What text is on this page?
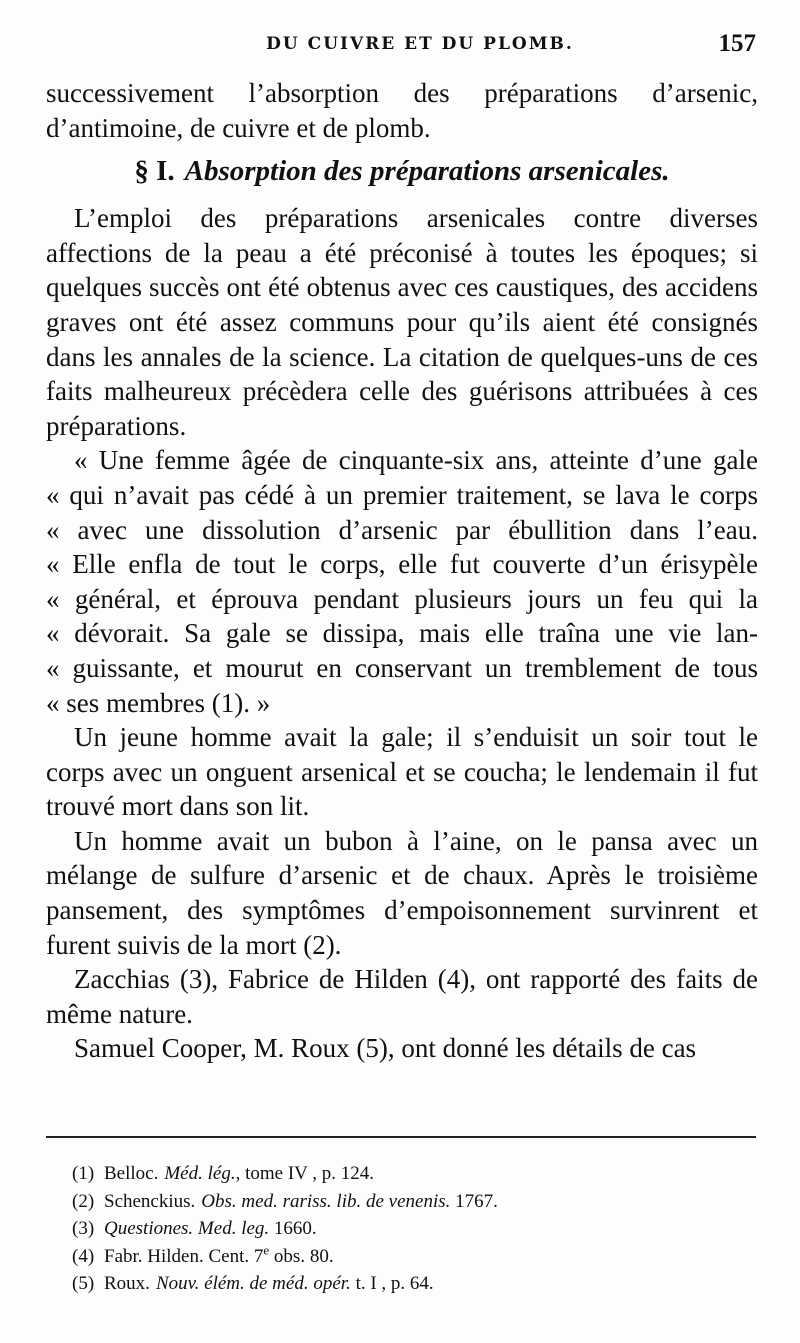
DU CUIVRE ET DU PLOMB.	157

successivement l’absorption des préparations d’arsenic, d’antimoine, de cuivre et de plomb.

§ I. Absorption des préparations arsenicales.

L’emploi des préparations arsenicales contre diverses affections de la peau a été préconisé à toutes les époques; si quelques succès ont été obtenus avec ces caustiques, des accidens graves ont été assez communs pour qu’ils aient été consignés dans les annales de la science. La citation de quelques-uns de ces faits malheureux précèdera celle des guérisons attribuées à ces préparations.

« Une femme âgée de cinquante-six ans, atteinte d’une gale
« qui n’avait pas cédé à un premier traitement, se lava le corps
« avec une dissolution d’arsenic par ébullition dans l’eau.
« Elle enfla de tout le corps, elle fut couverte d’un érisypèle
« général, et éprouva pendant plusieurs jours un feu qui la
« dévorait. Sa gale se dissipa, mais elle traîna une vie lan-
« guissante, et mourut en conservant un tremblement de tous
« ses membres (1). »

Un jeune homme avait la gale; il s’enduisit un soir tout le corps avec un onguent arsenical et se coucha; le lendemain il fut trouvé mort dans son lit.

Un homme avait un bubon à l’aine, on le pansa avec un mélange de sulfure d’arsenic et de chaux. Après le troisième pansement, des symptômes d’empoisonnement survinrent et furent suivis de la mort (2).

Zacchias (3), Fabrice de Hilden (4), ont rapporté des faits de même nature.

Samuel Cooper, M. Roux (5), ont donné les détails de cas

(1) Belloc. Méd. lég., tome IV , p. 124.
(2) Schenckius. Obs. med. rariss. lib. de venenis. 1767.
(3) Questiones. Med. leg. 1660.
(4) Fabr. Hilden. Cent. 7e obs. 80.
(5) Roux. Nouv. élém. de méd. opér. t. I , p. 64.
